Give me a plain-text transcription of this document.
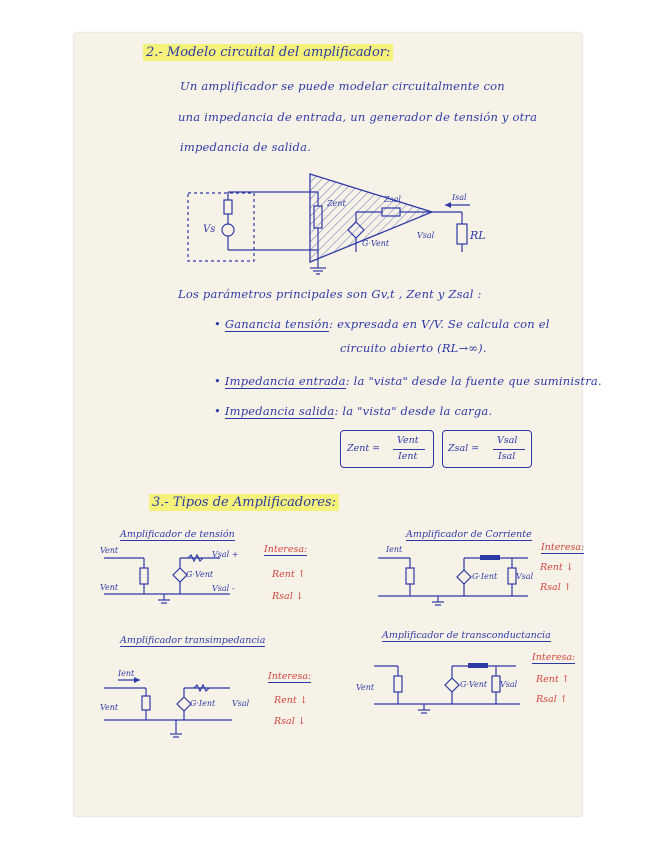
2.- Modelo circuital del amplificador:
Un amplificador se puede modelar circuitalmente con
una impedancia de entrada, un generador de tensión y otra
impedancia de salida.
Vs
Zent	Zsal	Isal
RL
G·Vent
Vsal
Los parámetros principales son Gv,t , Zent y Zsal :
• Ganancia tensión: expresada en V/V. Se calcula con el
circuito abierto (RL→∞).
• Impedancia entrada: la "vista" desde la fuente que suministra.
• Impedancia salida: la "vista" desde la carga.
Zent =
Vent
Ient
Zsal =
Vsal
Isal
3.- Tipos de Amplificadores:
Amplificador de tensión
Vent
Vent
G·Vent
Vsal +
Vsal -
Interesa:
Rent ↑
Rsal ↓
Amplificador de Corriente
Ient
G·Ient Vsal
Interesa:
Rent ↓
Rsal ↑
Amplificador transimpedancia
Ient
Vent	G·Ient Vsal
Interesa:
Rent ↓
Rsal ↓
Amplificador de transconductancia
Vent	G·Vent Vsal
Interesa:
Rent ↑
Rsal ↑
